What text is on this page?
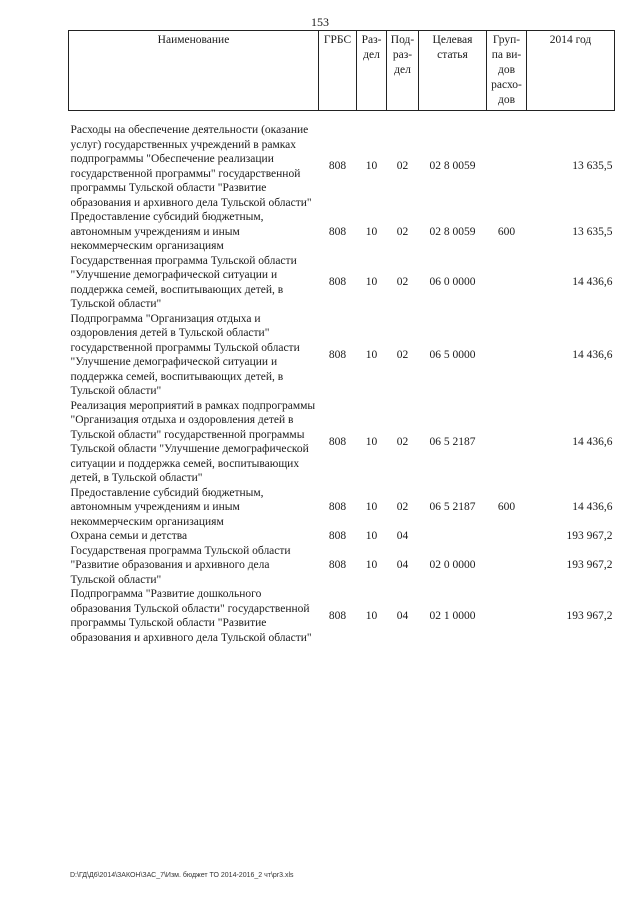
153
Наименование	ГРБС	Раз-дел	Под-раз-дел	Целевая статья	Груп-па ви-дов расхо-дов	2014 год

Расходы на обеспечение деятельности (оказание услуг) государственных учреждений в рамках подпрограммы "Обеспечение реализации государственной программы" государственной программы Тульской области "Развитие образования и архивного дела Тульской области"	808	10	02	02 8 0059		13 635,5
Предоставление субсидий бюджетным, автономным учреждениям и иным некоммерческим организациям	808	10	02	02 8 0059	600	13 635,5
Государственная программа Тульской области "Улучшение демографической ситуации и поддержка семей, воспитывающих детей, в Тульской области"	808	10	02	06 0 0000		14 436,6
Подпрограмма "Организация отдыха и оздоровления детей в Тульской области" государственной программы Тульской области "Улучшение демографической ситуации и поддержка семей, воспитывающих детей, в Тульской области"	808	10	02	06 5 0000		14 436,6
Реализация мероприятий в рамках подпрограммы "Организация отдыха и оздоровления детей в Тульской области" государственной программы Тульской области "Улучшение демографической ситуации и поддержка семей, воспитывающих детей, в Тульской области"	808	10	02	06 5 2187		14 436,6
Предоставление субсидий бюджетным, автономным учреждениям и иным некоммерческим организациям	808	10	02	06 5 2187	600	14 436,6
Охрана семьи и детства	808	10	04			193 967,2
Государственая программа Тульской области "Развитие образования и архивного дела Тульской области"	808	10	04	02 0 0000		193 967,2
Подпрограмма "Развитие дошкольного образования Тульской области" государственной программы Тульской области "Развитие образования и архивного дела Тульской области"	808	10	04	02 1 0000		193 967,2
D:\ГД\Д6\2014\ЗАКОН\ЗАС_7\Изм. бюджет ТО 2014-2016_2 чт\pr3.xls
